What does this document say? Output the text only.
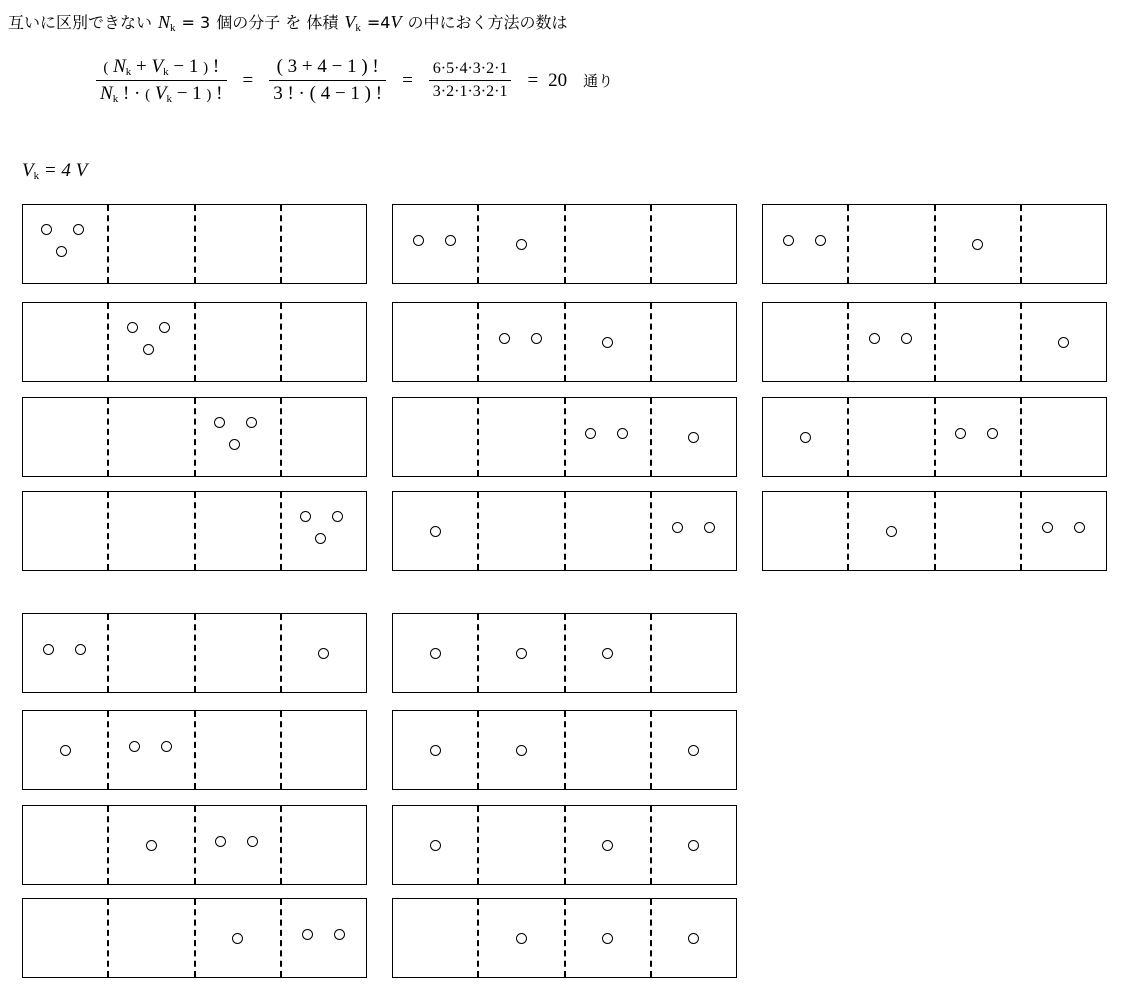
互いに区別できない $N_k = 3$ 個の分子 を 体積 $V_k =4V$ の中におく方法の数は
$\frac{( Nk + Vk - 1 ) !}{Nk ! \cdot ( Vk - 1 ) !} = \frac{( 3 + 4 - 1 ) !}{3 ! \cdot ( 4 - 1 ) !} = \frac{6\cdot 5\cdot 4\cdot 3\cdot 2\cdot 1}{3\cdot 2\cdot 1\cdot 3\cdot 2\cdot 1} = 20$ 通り
Vk = 4 V
